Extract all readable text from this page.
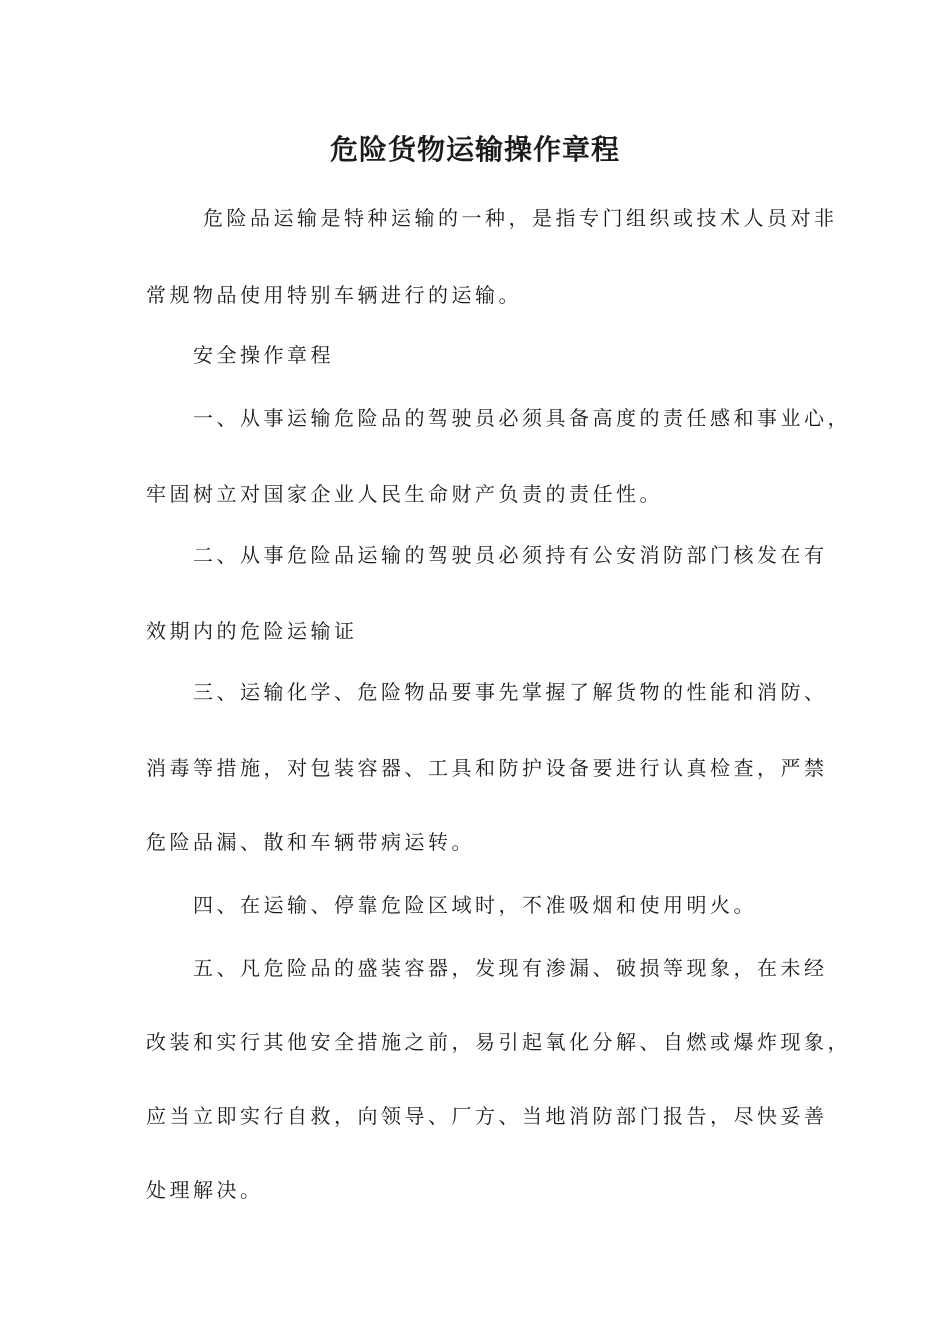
危险货物运输操作章程
危险品运输是特种运输的一种，是指专门组织或技术人员对非
常规物品使用特别车辆进行的运输。
安全操作章程
一、从事运输危险品的驾驶员必须具备高度的责任感和事业心，
牢固树立对国家企业人民生命财产负责的责任性。
二、从事危险品运输的驾驶员必须持有公安消防部门核发在有
效期内的危险运输证
三、运输化学、危险物品要事先掌握了解货物的性能和消防、
消毒等措施，对包装容器、工具和防护设备要进行认真检查，严禁
危险品漏、散和车辆带病运转。
四、在运输、停靠危险区域时，不准吸烟和使用明火。
五、凡危险品的盛装容器，发现有渗漏、破损等现象，在未经
改装和实行其他安全措施之前，易引起氧化分解、自燃或爆炸现象，
应当立即实行自救，向领导、厂方、当地消防部门报告，尽快妥善
处理解决。
